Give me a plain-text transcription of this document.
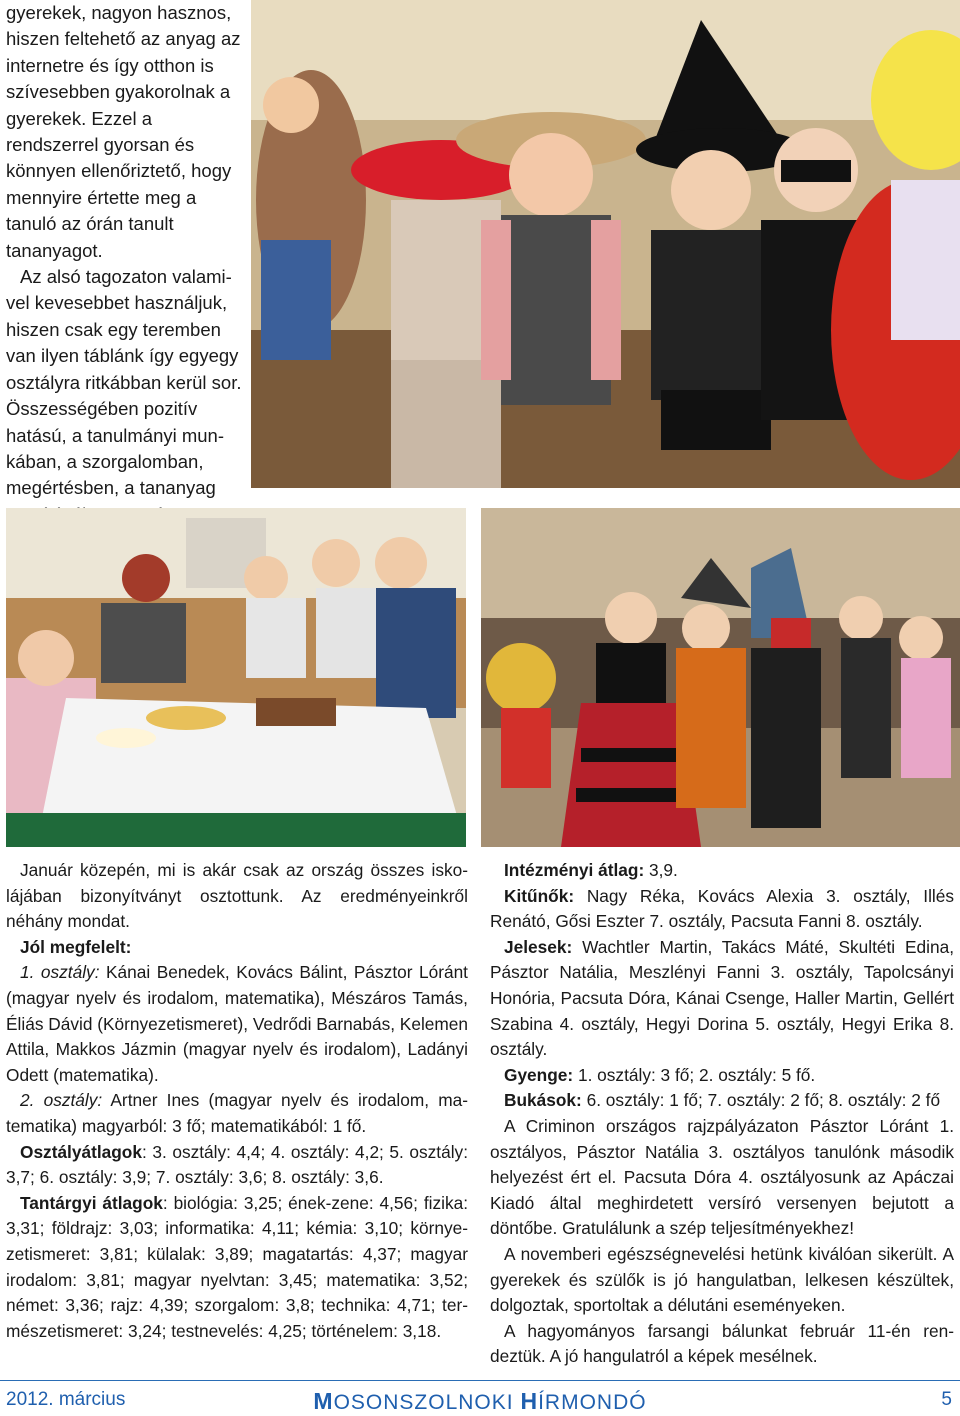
gyerekek, nagyon hasznos, hiszen feltehető az anyag az internetre és így otthon is szívesebben gyakorolnak a gyerekek. Ezzel a rendszerrel gyorsan és könnyen ellenőriztető, hogy mennyire értette meg a tanuló az órán tanult tananyagot.

Az alsó tagozaton valamivel kevesebbet használjuk, hiszen csak egy teremben van ilyen táblánk így egyegy osztályra ritkábban kerül sor. Összességében pozitív hatású, a tanulmányi munkában, a szorgalomban, megértésben, a tananyag

Január közepén, mi is akár csak az ország összes iskolájában bizonyítványt osztottunk. Az eredményeinkről néhány mondat.

Jól megfelelt:

1. osztály: Kánai Benedek, Kovács Bálint, Pásztor Lóránt (magyar nyelv és irodalom, matematika), Mészáros Tamás, Éliás Dávid (Környezetismeret), Vedrődi Barnabás, Kelemen Attila, Makkos Jázmin (magyar nyelv és irodalom), Ladányi Odett (matematika).

2. osztály: Artner Ines (magyar nyelv és irodalom, matematika) magyarból: 3 fő; matematikából: 1 fő.

Osztályátlagok: 3. osztály: 4,4; 4. osztály: 4,2; 5. osztály: 3,7; 6. osztály: 3,9; 7. osztály: 3,6; 8. osztály: 3,6.

Tantárgyi átlagok: biológia: 3,25; ének-zene: 4,56; fizika: 3,31; földrajz: 3,03; informatika: 4,11; kémia: 3,10; környezetismeret: 3,81; külalak: 3,89; magatartás: 4,37; magyar irodalom: 3,81; magyar nyelvtan: 3,45; matematika: 3,52; német: 3,36; rajz: 4,39; szorgalom: 3,8; technika: 4,71; természetismeret: 3,24; testnevelés: 4,25; történelem: 3,18.

Intézményi átlag: 3,9.

Kitűnők: Nagy Réka, Kovács Alexia 3. osztály, Illés Renátó, Gősi Eszter 7. osztály, Pacsuta Fanni 8. osztály.

Jelesek: Wachtler Martin, Takács Máté, Skultéti Edina, Pásztor Natália, Meszlényi Fanni 3. osztály, Tapolcsányi Honória, Pacsuta Dóra, Kánai Csenge, Haller Martin, Gellért Szabina 4. osztály, Hegyi Dorina 5. osztály, Hegyi Erika 8. osztály.

Gyenge: 1. osztály: 3 fő; 2. osztály: 5 fő.

Bukások: 6. osztály: 1 fő; 7. osztály: 2 fő; 8. osztály: 2 fő

A Criminon országos rajzpályázaton Pásztor Lóránt 1. osztályos, Pásztor Natália 3. osztályos tanulónk második helyezést ért el. Pacsuta Dóra 4. osztályosunk az Apáczai Kiadó által meghirdetett versíró versenyen bejutott a döntőbe. Gratulálunk a szép teljesítményekhez!

A novemberi egészségnevelési hetünk kiválóan sikerült. A gyerekek és szülők is jó hangulatban, lelkesen készültek, dolgoztak, sportoltak a délutáni eseményeken.

A hagyományos farsangi bálunkat február 11-én rendeztük. A jó hangulatról a képek mesélnek.

2012. március	MOSONSZOLNOKI HÍRMONDÓ	5
